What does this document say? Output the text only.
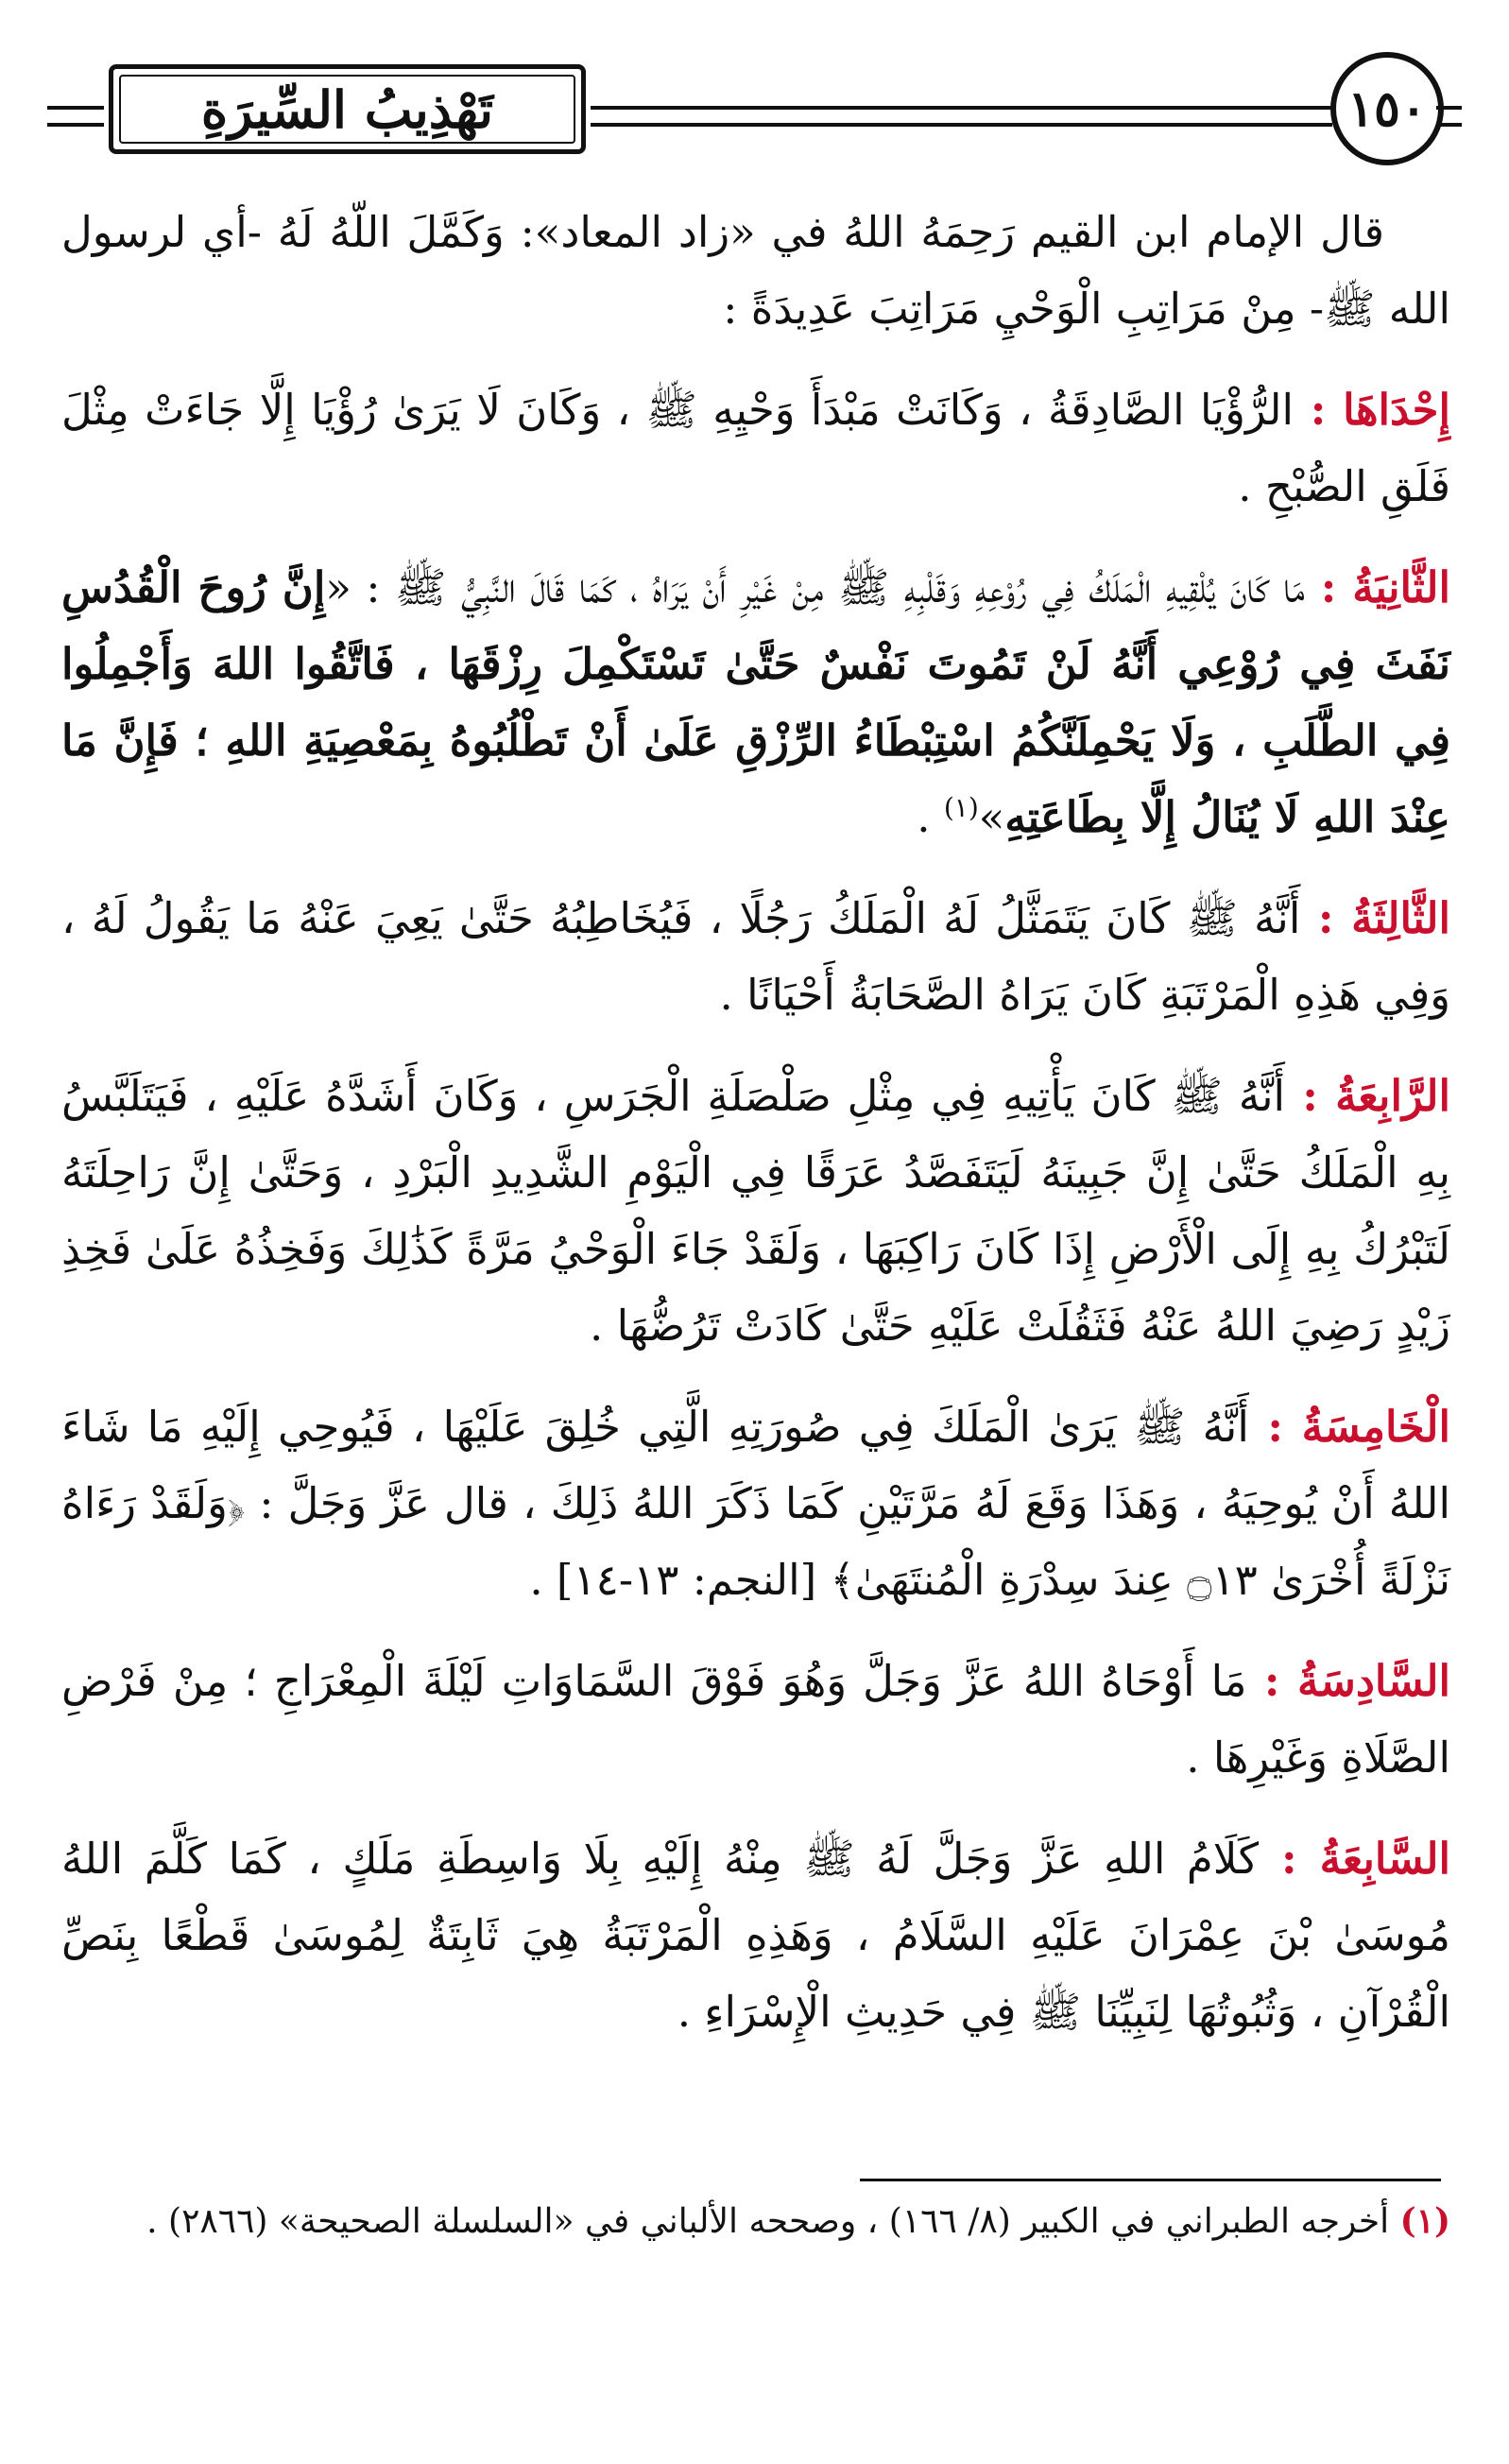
تَهْذِيبُ السِّيرَةِ	١٥٠

قال الإمام ابن القيم رَحِمَهُ اللهُ في «زاد المعاد»: وَكَمَّلَ اللّهُ لَهُ -أي لرسول الله ﷺ- مِنْ مَرَاتِبِ الْوَحْيِ مَرَاتِبَ عَدِيدَةً :

إِحْدَاهَا : الرُّؤْيَا الصَّادِقَةُ ، وَكَانَتْ مَبْدَأَ وَحْيِهِ ﷺ ، وَكَانَ لَا يَرَىٰ رُؤْيَا إِلَّا جَاءَتْ مِثْلَ فَلَقِ الصُّبْحِ .

الثَّانِيَةُ : مَا كَانَ يُلْقِيهِ الْمَلَكُ فِي رُوْعِهِ وَقَلْبِهِ ﷺ مِنْ غَيْرِ أَنْ يَرَاهُ ، كَمَا قَالَ النَّبِيُّ ﷺ : «إِنَّ رُوحَ الْقُدُسِ نَفَثَ فِي رُوْعِي أَنَّهُ لَنْ تَمُوتَ نَفْسٌ حَتَّىٰ تَسْتَكْمِلَ رِزْقَهَا ، فَاتَّقُوا اللهَ وَأَجْمِلُوا فِي الطَّلَبِ ، وَلَا يَحْمِلَنَّكُمُ اسْتِبْطَاءُ الرِّزْقِ عَلَىٰ أَنْ تَطْلُبُوهُ بِمَعْصِيَةِ اللهِ ؛ فَإِنَّ مَا عِنْدَ اللهِ لَا يُنَالُ إِلَّا بِطَاعَتِهِ»$^{(١)}$ .

الثَّالِثَةُ : أَنَّهُ ﷺ كَانَ يَتَمَثَّلُ لَهُ الْمَلَكُ رَجُلًا ، فَيُخَاطِبُهُ حَتَّىٰ يَعِيَ عَنْهُ مَا يَقُولُ لَهُ ، وَفِي هَذِهِ الْمَرْتَبَةِ كَانَ يَرَاهُ الصَّحَابَةُ أَحْيَانًا .

الرَّابِعَةُ : أَنَّهُ ﷺ كَانَ يَأْتِيهِ فِي مِثْلِ صَلْصَلَةِ الْجَرَسِ ، وَكَانَ أَشَدَّهُ عَلَيْهِ ، فَيَتَلَبَّسُ بِهِ الْمَلَكُ حَتَّىٰ إِنَّ جَبِينَهُ لَيَتَفَصَّدُ عَرَقًا فِي الْيَوْمِ الشَّدِيدِ الْبَرْدِ ، وَحَتَّىٰ إِنَّ رَاحِلَتَهُ لَتَبْرُكُ بِهِ إِلَى الْأَرْضِ إِذَا كَانَ رَاكِبَهَا ، وَلَقَدْ جَاءَ الْوَحْيُ مَرَّةً كَذَٰلِكَ وَفَخِذُهُ عَلَىٰ فَخِذِ زَيْدٍ رَضِيَ اللهُ عَنْهُ فَثَقُلَتْ عَلَيْهِ حَتَّىٰ كَادَتْ تَرُضُّهَا .

الْخَامِسَةُ : أَنَّهُ ﷺ يَرَىٰ الْمَلَكَ فِي صُورَتِهِ الَّتِي خُلِقَ عَلَيْهَا ، فَيُوحِي إِلَيْهِ مَا شَاءَ اللهُ أَنْ يُوحِيَهُ ، وَهَذَا وَقَعَ لَهُ مَرَّتَيْنِ كَمَا ذَكَرَ اللهُ ذَلِكَ ، قال عَزَّ وَجَلَّ : ﴿وَلَقَدْ رَءَاهُ نَزْلَةً أُخْرَىٰ ۝١٣ عِندَ سِدْرَةِ الْمُنتَهَىٰ﴾ [النجم: ١٣-١٤] .

السَّادِسَةُ : مَا أَوْحَاهُ اللهُ عَزَّ وَجَلَّ وَهُوَ فَوْقَ السَّمَاوَاتِ لَيْلَةَ الْمِعْرَاجِ ؛ مِنْ فَرْضِ الصَّلَاةِ وَغَيْرِهَا .

السَّابِعَةُ : كَلَامُ اللهِ عَزَّ وَجَلَّ لَهُ ﷺ مِنْهُ إِلَيْهِ بِلَا وَاسِطَةِ مَلَكٍ ، كَمَا كَلَّمَ اللهُ مُوسَىٰ بْنَ عِمْرَانَ عَلَيْهِ السَّلَامُ ، وَهَذِهِ الْمَرْتَبَةُ هِيَ ثَابِتَةٌ لِمُوسَىٰ قَطْعًا بِنَصِّ الْقُرْآنِ ، وَثُبُوتُهَا لِنَبِيِّنَا ﷺ فِي حَدِيثِ الْإِسْرَاءِ .

(١) أخرجه الطبراني في الكبير (٨/ ١٦٦) ، وصححه الألباني في «السلسلة الصحيحة» (٢٨٦٦) .
